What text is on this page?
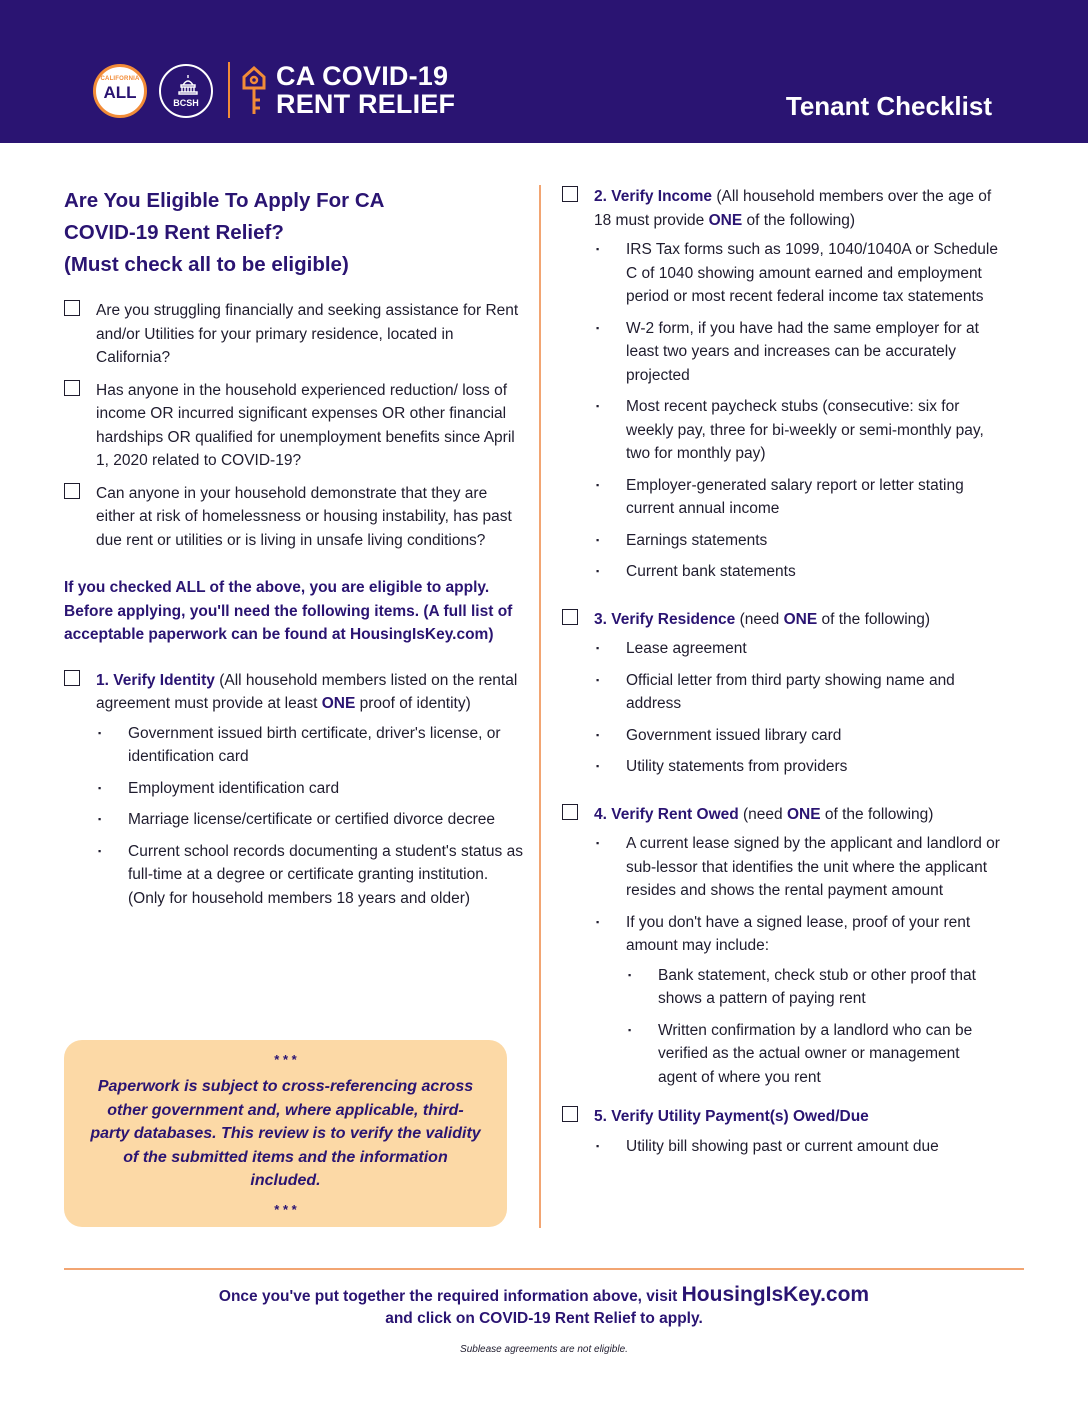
CALIFORNIA
ALL
BCSH
CA COVID-19
RENT RELIEF	Tenant Checklist
Are You Eligible To Apply For CA
COVID-19 Rent Relief?
(Must check all to be eligible)
Are you struggling financially and seeking assistance for Rent and/or Utilities for your primary residence, located in California?
Has anyone in the household experienced reduction/ loss of income OR incurred significant expenses OR other financial hardships OR qualified for unemployment benefits since April 1, 2020 related to COVID-19?
Can anyone in your household demonstrate that they are either at risk of homelessness or housing instability, has past due rent or utilities or is living in unsafe living conditions?
If you checked ALL of the above, you are eligible to apply. Before applying, you'll need the following items. (A full list of acceptable paperwork can be found at HousingIsKey.com)
1. Verify Identity (All household members listed on the rental agreement must provide at least ONE proof of identity)
▪ Government issued birth certificate, driver's license, or identification card
▪ Employment identification card
▪ Marriage license/certificate or certified divorce decree
▪ Current school records documenting a student's status as full-time at a degree or certificate granting institution. (Only for household members 18 years and older)
* * *
Paperwork is subject to cross-referencing across other government and, where applicable, third-party databases. This review is to verify the validity of the submitted items and the information included.
* * *
2. Verify Income (All household members over the age of 18 must provide ONE of the following)
▪ IRS Tax forms such as 1099, 1040/1040A or Schedule C of 1040 showing amount earned and employment period or most recent federal income tax statements
▪ W-2 form, if you have had the same employer for at least two years and increases can be accurately projected
▪ Most recent paycheck stubs (consecutive: six for weekly pay, three for bi-weekly or semi-monthly pay, two for monthly pay)
▪ Employer-generated salary report or letter stating current annual income
▪ Earnings statements
▪ Current bank statements
3. Verify Residence (need ONE of the following)
▪ Lease agreement
▪ Official letter from third party showing name and address
▪ Government issued library card
▪ Utility statements from providers
4. Verify Rent Owed (need ONE of the following)
▪ A current lease signed by the applicant and landlord or sub-lessor that identifies the unit where the applicant resides and shows the rental payment amount
▪ If you don't have a signed lease, proof of your rent amount may include:
▪ Bank statement, check stub or other proof that shows a pattern of paying rent
▪ Written confirmation by a landlord who can be verified as the actual owner or management agent of where you rent
5. Verify Utility Payment(s) Owed/Due
▪ Utility bill showing past or current amount due
Once you've put together the required information above, visit HousingIsKey.com
and click on COVID-19 Rent Relief to apply.
Sublease agreements are not eligible.
